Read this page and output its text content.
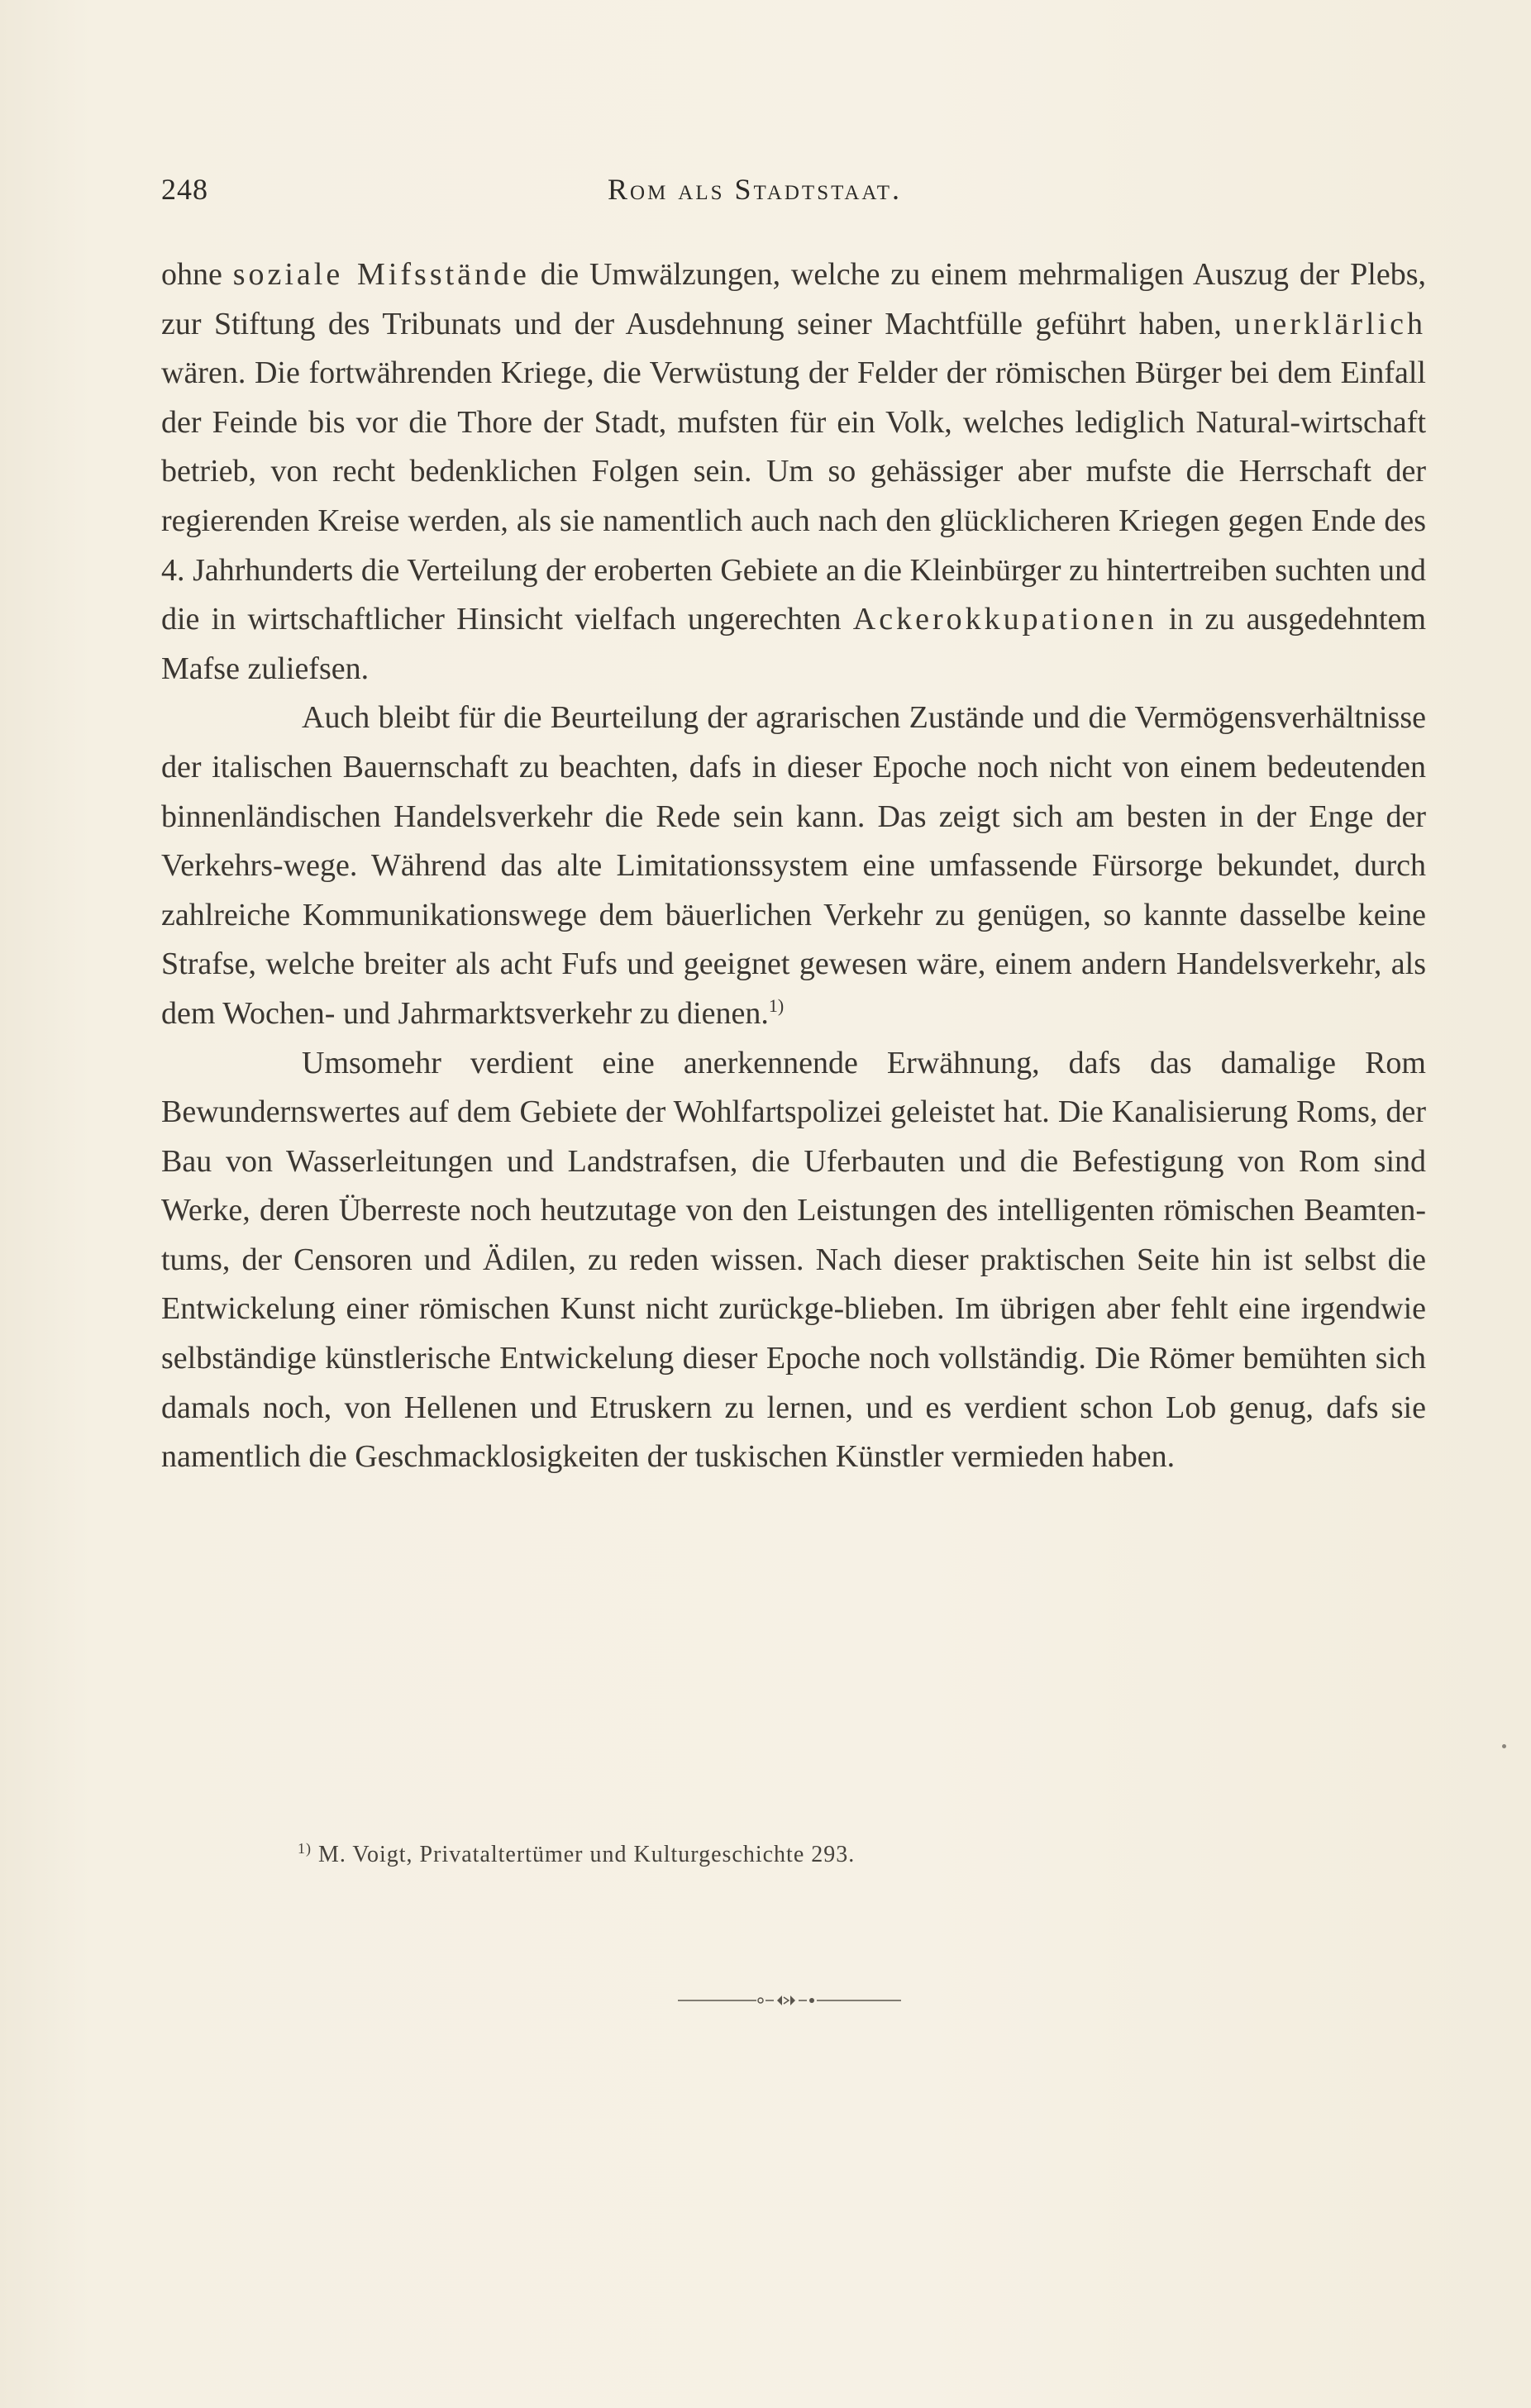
248	Rom als Stadtstaat.

ohne soziale Mifsstände die Umwälzungen, welche zu einem mehrmaligen Auszug der Plebs, zur Stiftung des Tribunats und der Ausdehnung seiner Machtfülle geführt haben, unerklärlich wären. Die fortwährenden Kriege, die Verwüstung der Felder der römischen Bürger bei dem Einfall der Feinde bis vor die Thore der Stadt, mufsten für ein Volk, welches lediglich Natural-wirtschaft betrieb, von recht bedenklichen Folgen sein. Um so gehässiger aber mufste die Herrschaft der regierenden Kreise werden, als sie namentlich auch nach den glücklicheren Kriegen gegen Ende des 4. Jahrhunderts die Verteilung der eroberten Gebiete an die Kleinbürger zu hintertreiben suchten und die in wirtschaftlicher Hinsicht vielfach ungerechten Ackerokkupationen in zu ausgedehntem Mafse zuliefsen.

Auch bleibt für die Beurteilung der agrarischen Zustände und die Vermögensverhältnisse der italischen Bauernschaft zu beachten, dafs in dieser Epoche noch nicht von einem bedeutenden binnenländischen Handelsverkehr die Rede sein kann. Das zeigt sich am besten in der Enge der Verkehrs-wege. Während das alte Limitationssystem eine umfassende Fürsorge bekundet, durch zahlreiche Kommunikationswege dem bäuerlichen Verkehr zu genügen, so kannte dasselbe keine Strafse, welche breiter als acht Fufs und geeignet gewesen wäre, einem andern Handelsverkehr, als dem Wochen- und Jahrmarktsverkehr zu dienen.$^{1)}$

Umsomehr verdient eine anerkennende Erwähnung, dafs das damalige Rom Bewundernswertes auf dem Gebiete der Wohlfartspolizei geleistet hat. Die Kanalisierung Roms, der Bau von Wasserleitungen und Landstrafsen, die Uferbauten und die Befestigung von Rom sind Werke, deren Überreste noch heutzutage von den Leistungen des intelligenten römischen Beamten-tums, der Censoren und Ädilen, zu reden wissen. Nach dieser praktischen Seite hin ist selbst die Entwickelung einer römischen Kunst nicht zurückge-blieben. Im übrigen aber fehlt eine irgendwie selbständige künstlerische Entwickelung dieser Epoche noch vollständig. Die Römer bemühten sich damals noch, von Hellenen und Etruskern zu lernen, und es verdient schon Lob genug, dafs sie namentlich die Geschmacklosigkeiten der tuskischen Künstler vermieden haben.

$^{1)}$ M. Voigt, Privataltertümer und Kulturgeschichte 293.
